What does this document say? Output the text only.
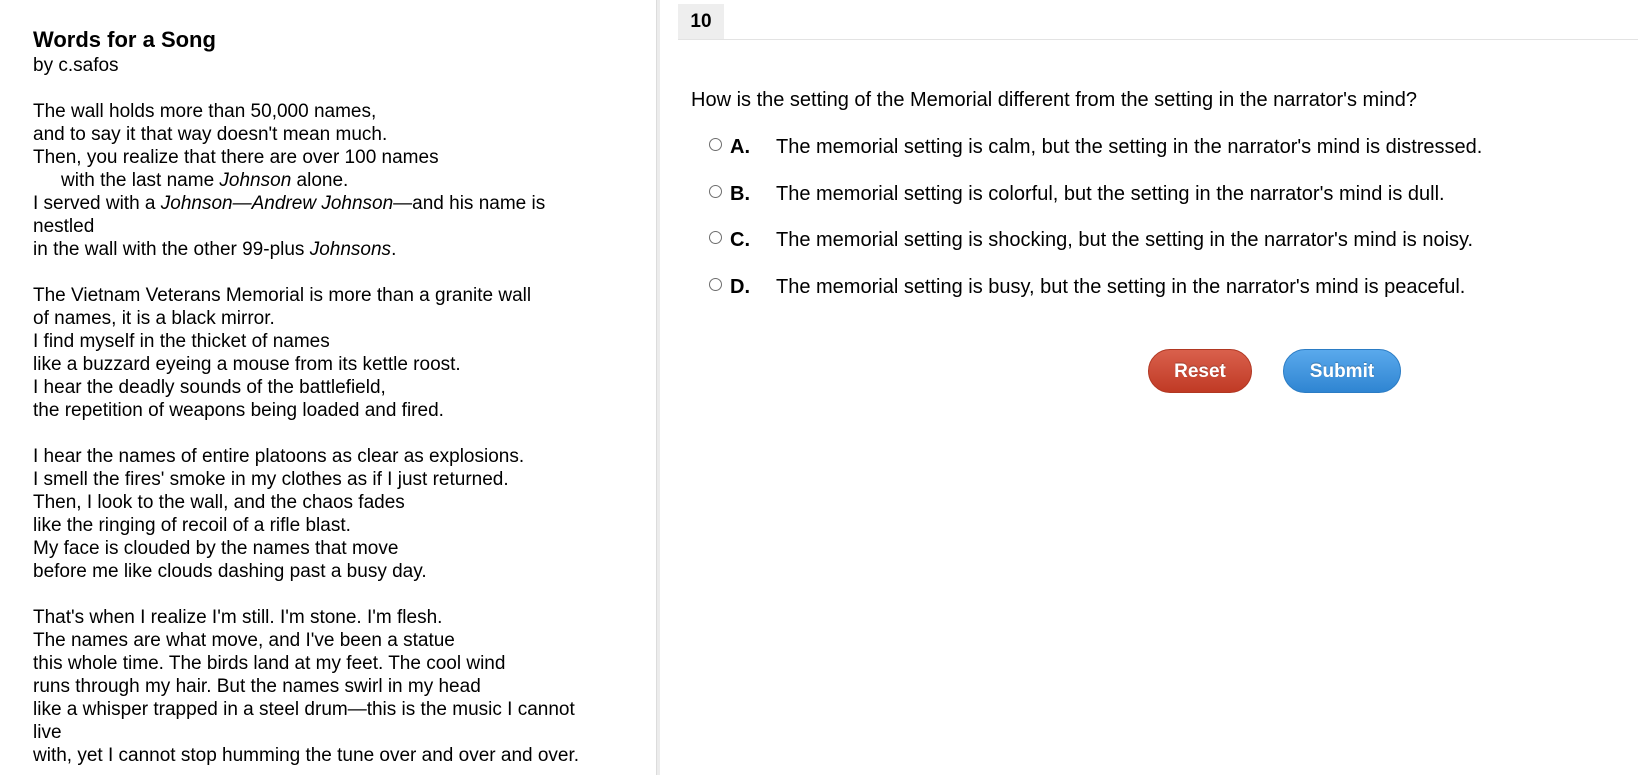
Words for a Song
by c.safos
The wall holds more than 50,000 names,
and to say it that way doesn't mean much.
Then, you realize that there are over 100 names
with the last name Johnson alone.
I served with a Johnson—Andrew Johnson—and his name is
nestled
in the wall with the other 99-plus Johnsons.
The Vietnam Veterans Memorial is more than a granite wall
of names, it is a black mirror.
I find myself in the thicket of names
like a buzzard eyeing a mouse from its kettle roost.
I hear the deadly sounds of the battlefield,
the repetition of weapons being loaded and fired.
I hear the names of entire platoons as clear as explosions.
I smell the fires' smoke in my clothes as if I just returned.
Then, I look to the wall, and the chaos fades
like the ringing of recoil of a rifle blast.
My face is clouded by the names that move
before me like clouds dashing past a busy day.
That's when I realize I'm still. I'm stone. I'm flesh.
The names are what move, and I've been a statue
this whole time. The birds land at my feet. The cool wind
runs through my hair. But the names swirl in my head
like a whisper trapped in a steel drum—this is the music I cannot
live
with, yet I cannot stop humming the tune over and over and over.
10
How is the setting of the Memorial different from the setting in the narrator's mind?
A. The memorial setting is calm, but the setting in the narrator's mind is distressed.
B. The memorial setting is colorful, but the setting in the narrator's mind is dull.
C. The memorial setting is shocking, but the setting in the narrator's mind is noisy.
D. The memorial setting is busy, but the setting in the narrator's mind is peaceful.
Reset	Submit
